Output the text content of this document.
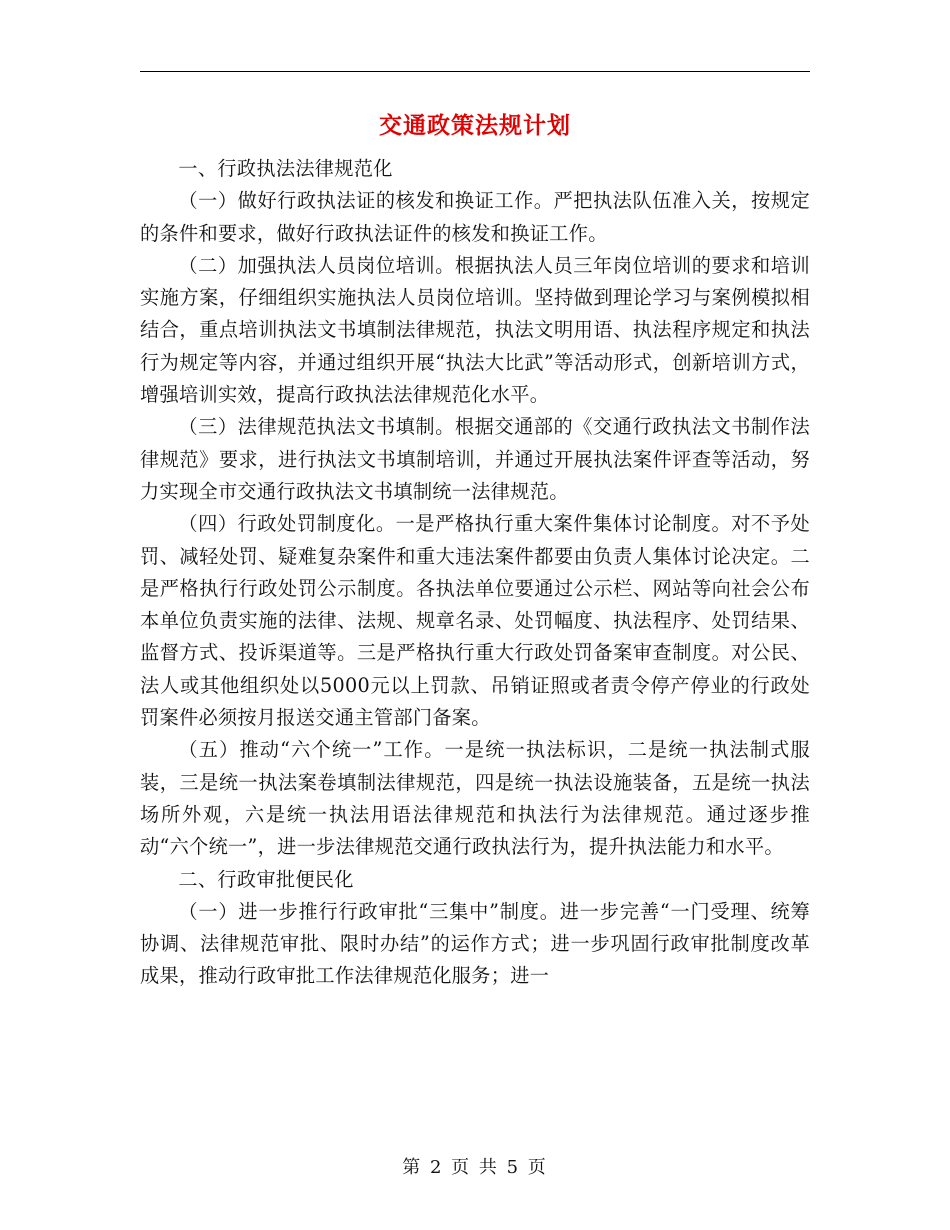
交通政策法规计划

一、行政执法法律规范化

（一）做好行政执法证的核发和换证工作。严把执法队伍准入关，按规定的条件和要求，做好行政执法证件的核发和换证工作。

（二）加强执法人员岗位培训。根据执法人员三年岗位培训的要求和培训实施方案，仔细组织实施执法人员岗位培训。坚持做到理论学习与案例模拟相结合，重点培训执法文书填制法律规范，执法文明用语、执法程序规定和执法行为规定等内容，并通过组织开展“执法大比武”等活动形式，创新培训方式，增强培训实效，提高行政执法法律规范化水平。

（三）法律规范执法文书填制。根据交通部的《交通行政执法文书制作法律规范》要求，进行执法文书填制培训，并通过开展执法案件评查等活动，努力实现全市交通行政执法文书填制统一法律规范。

（四）行政处罚制度化。一是严格执行重大案件集体讨论制度。对不予处罚、减轻处罚、疑难复杂案件和重大违法案件都要由负责人集体讨论决定。二是严格执行行政处罚公示制度。各执法单位要通过公示栏、网站等向社会公布本单位负责实施的法律、法规、规章名录、处罚幅度、执法程序、处罚结果、监督方式、投诉渠道等。三是严格执行重大行政处罚备案审查制度。对公民、法人或其他组织处以5000元以上罚款、吊销证照或者责令停产停业的行政处罚案件必须按月报送交通主管部门备案。

（五）推动“六个统一”工作。一是统一执法标识，二是统一执法制式服装，三是统一执法案卷填制法律规范，四是统一执法设施装备，五是统一执法场所外观，六是统一执法用语法律规范和执法行为法律规范。通过逐步推动“六个统一”，进一步法律规范交通行政执法行为，提升执法能力和水平。

二、行政审批便民化

（一）进一步推行行政审批“三集中”制度。进一步完善“一门受理、统筹协调、法律规范审批、限时办结”的运作方式；进一步巩固行政审批制度改革成果，推动行政审批工作法律规范化服务；进一

第 2 页 共 5 页
